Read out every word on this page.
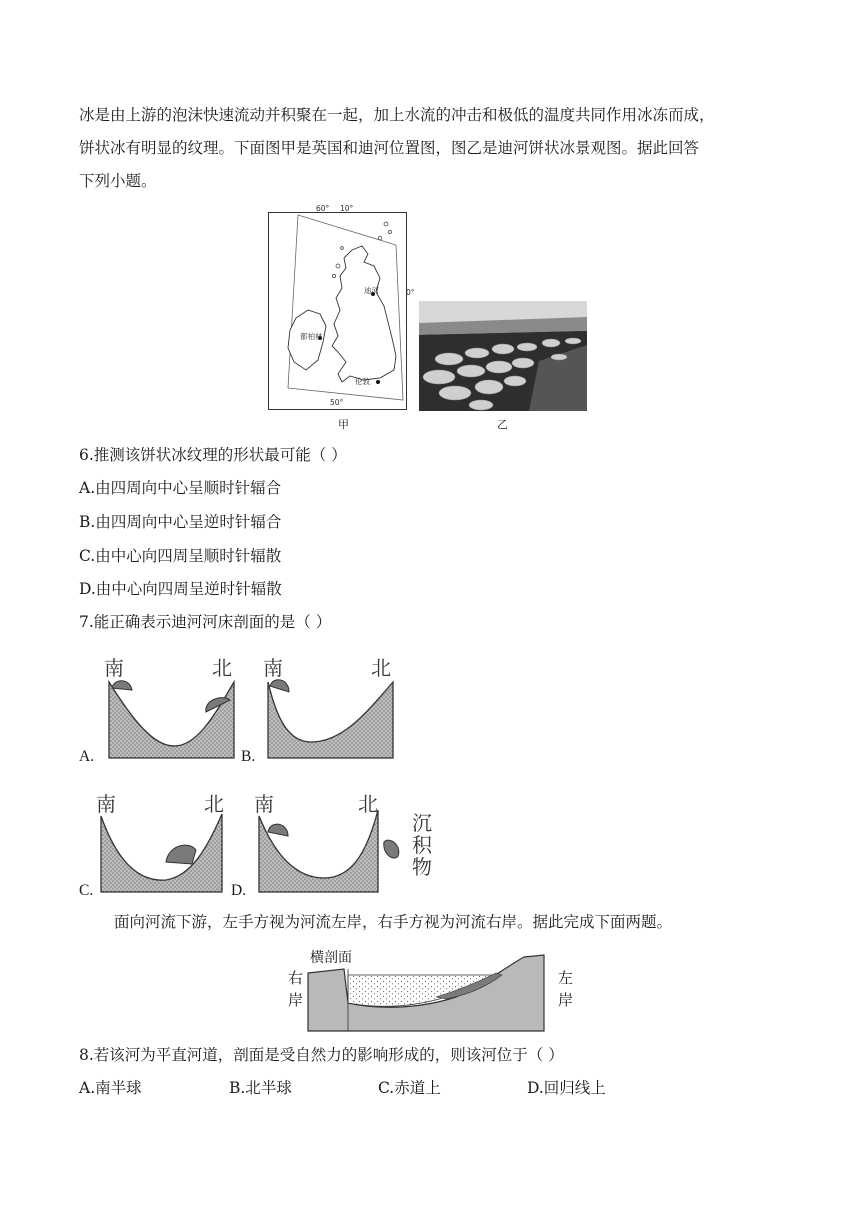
冰是由上游的泡沫快速流动并积聚在一起，加上水流的冲击和极低的温度共同作用冰冻而成，
饼状冰有明显的纹理。下面图甲是英国和迪河位置图，图乙是迪河饼状冰景观图。据此回答
下列小题。
60° 10°
0°
50°
迪河
都柏林
伦敦
甲	乙
6.推测该饼状冰纹理的形状最可能（ ）
A.由四周向中心呈顺时针辐合
B.由四周向中心呈逆时针辐合
C.由中心向四周呈顺时针辐散
D.由中心向四周呈逆时针辐散
7.能正确表示迪河河床剖面的是（ ）
南	北
A.
南	北
B.
南	北
C.
南	北
沉积物
D.
面向河流下游，左手方视为河流左岸，右手方视为河流右岸。据此完成下面两题。
横剖面
右岸
左岸
8.若该河为平直河道，剖面是受自然力的影响形成的，则该河位于（ ）
A.南半球	B.北半球	C.赤道上	D.回归线上
